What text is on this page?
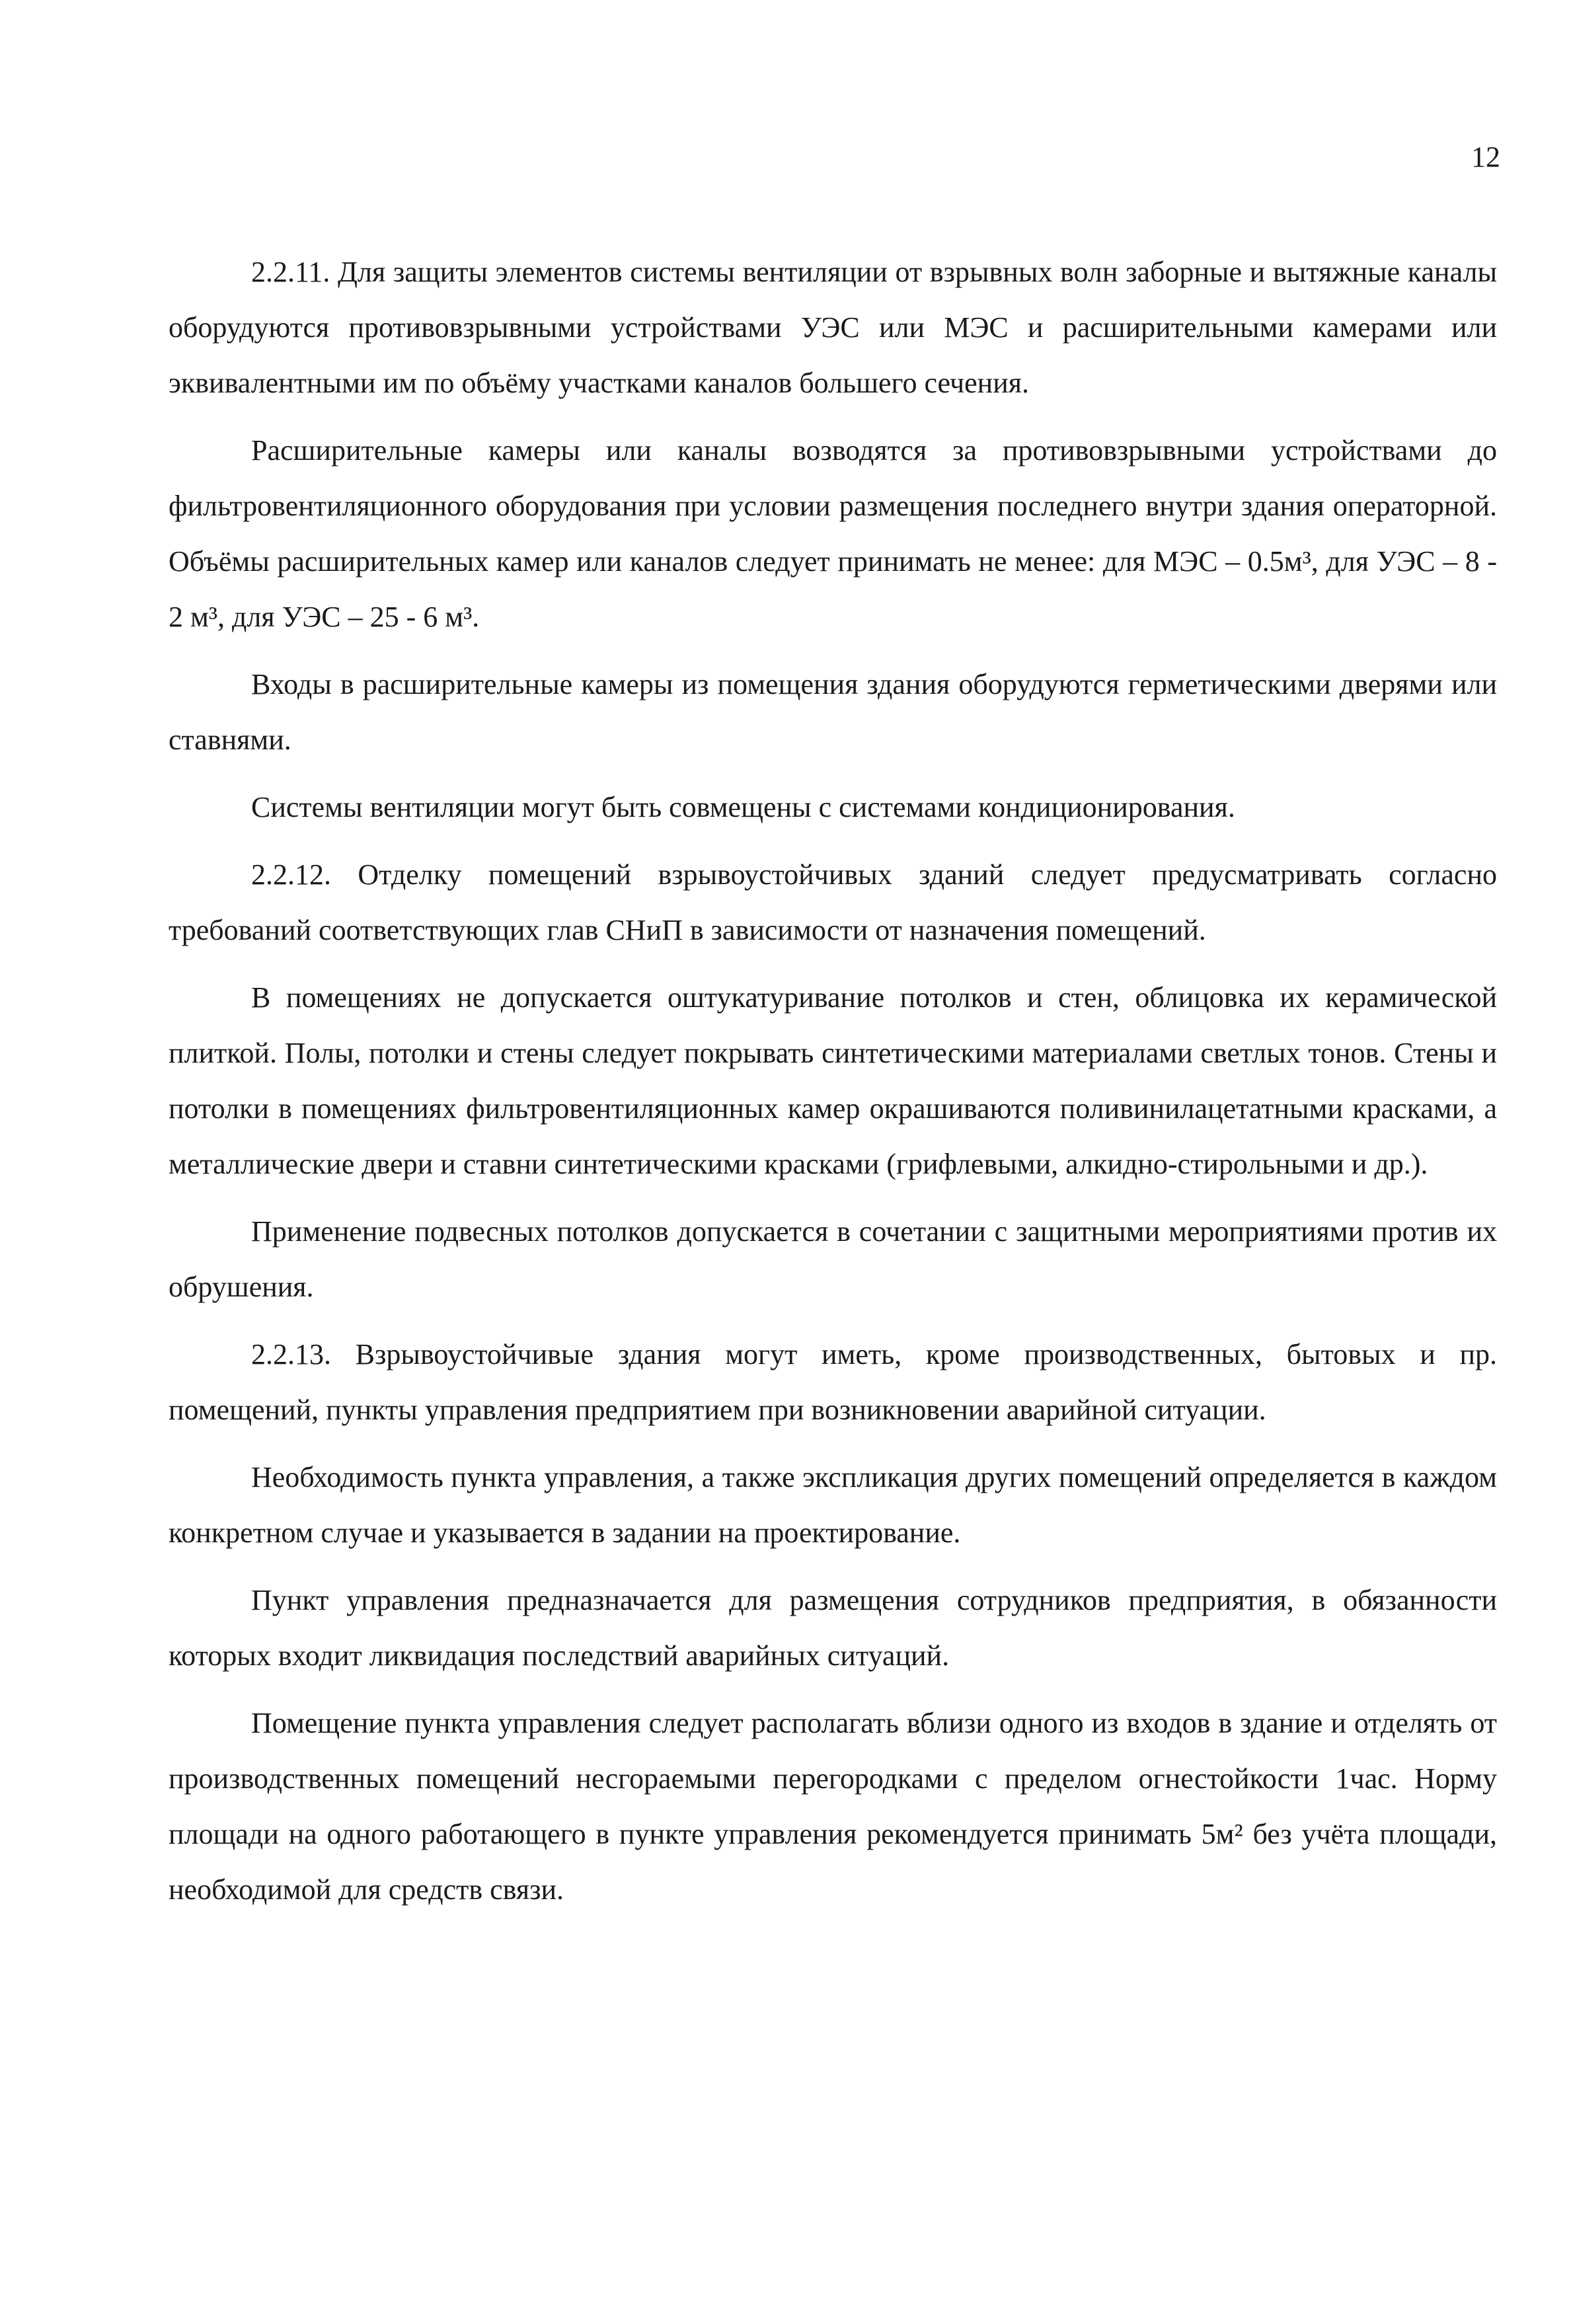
12

2.2.11. Для защиты элементов системы вентиляции от взрывных волн заборные и вытяжные каналы оборудуются противовзрывными устройствами УЭС или МЭС и расширительными камерами или эквивалентными им по объёму участками каналов большего сечения.

Расширительные камеры или каналы возводятся за противовзрывными устройствами до фильтровентиляционного оборудования при условии размещения последнего внутри здания операторной. Объёмы расширительных камер или каналов следует принимать не менее: для МЭС – 0.5м³, для УЭС – 8 - 2 м³, для УЭС – 25 - 6 м³.

Входы в расширительные камеры из помещения здания оборудуются герметическими дверями или ставнями.

Системы вентиляции могут быть совмещены с системами кондиционирования.

2.2.12. Отделку помещений взрывоустойчивых зданий следует предусматривать согласно требований соответствующих глав СНиП в зависимости от назначения помещений.

В помещениях не допускается оштукатуривание потолков и стен, облицовка их керамической плиткой. Полы, потолки и стены следует покрывать синтетическими материалами светлых тонов. Стены и потолки в помещениях фильтровентиляционных камер окрашиваются поливинилацетатными красками, а металлические двери и ставни синтетическими красками (грифлевыми, алкидно-стирольными и др.).

Применение подвесных потолков допускается в сочетании с защитными мероприятиями против их обрушения.

2.2.13. Взрывоустойчивые здания могут иметь, кроме производственных, бытовых и пр. помещений, пункты управления предприятием при возникновении аварийной ситуации.

Необходимость пункта управления, а также экспликация других помещений определяется в каждом конкретном случае и указывается в задании на проектирование.

Пункт управления предназначается для размещения сотрудников предприятия, в обязанности которых входит ликвидация последствий аварийных ситуаций.

Помещение пункта управления следует располагать вблизи одного из входов в здание и отделять от производственных помещений несгораемыми перегородками с пределом огнестойкости 1час. Норму площади на одного работающего в пункте управления рекомендуется принимать 5м² без учёта площади, необходимой для средств связи.
